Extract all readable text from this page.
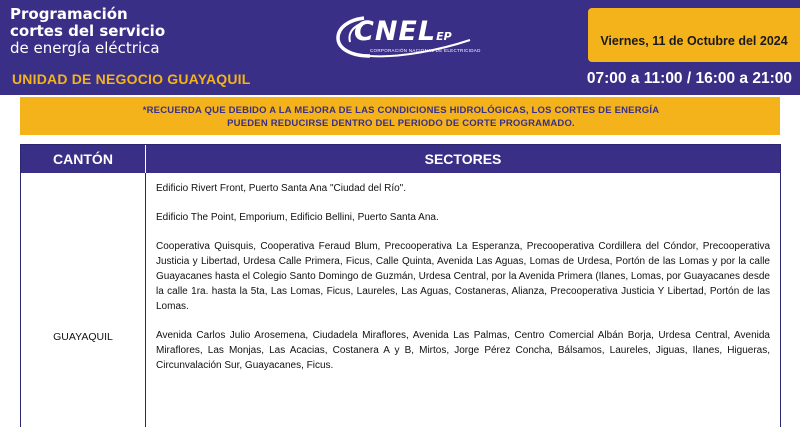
Programación
cortes del servicio
de energía eléctrica
UNIDAD DE NEGOCIO GUAYAQUIL
CNELEP
CORPORACIÓN NACIONAL DE ELECTRICIDAD
Viernes, 11 de Octubre del 2024
07:00 a 11:00 / 16:00 a 21:00
*RECUERDA QUE DEBIDO A LA MEJORA DE LAS CONDICIONES HIDROLÓGICAS, LOS CORTES DE ENERGÍA
PUEDEN REDUCIRSE DENTRO DEL PERIODO DE CORTE PROGRAMADO.
CANTÓN	SECTORES
GUAYAQUIL

Edificio Rivert Front, Puerto Santa Ana "Ciudad del Río".

Edificio The Point, Emporium, Edificio Bellini, Puerto Santa Ana.

Cooperativa Quisquis, Cooperativa Feraud Blum, Precooperativa La Esperanza, Precooperativa Cordillera del Cóndor, Precooperativa Justicia y Libertad, Urdesa Calle Primera, Ficus, Calle Quinta, Avenida Las Aguas, Lomas de Urdesa, Portón de las Lomas y por la calle Guayacanes hasta el Colegio Santo Domingo de Guzmán, Urdesa Central, por la Avenida Primera (Ilanes, Lomas, por Guayacanes desde la calle 1ra. hasta la 5ta, Las Lomas, Ficus, Laureles, Las Aguas, Costaneras, Alianza, Precooperativa Justicia Y Libertad, Portón de las Lomas.

Avenida Carlos Julio Arosemena, Ciudadela Miraflores, Avenida Las Palmas, Centro Comercial Albán Borja, Urdesa Central, Avenida Miraflores, Las Monjas, Las Acacias, Costanera A y B, Mirtos, Jorge Pérez Concha, Bálsamos, Laureles, Jiguas, Ilanes, Higueras, Circunvalación Sur, Guayacanes, Ficus.
